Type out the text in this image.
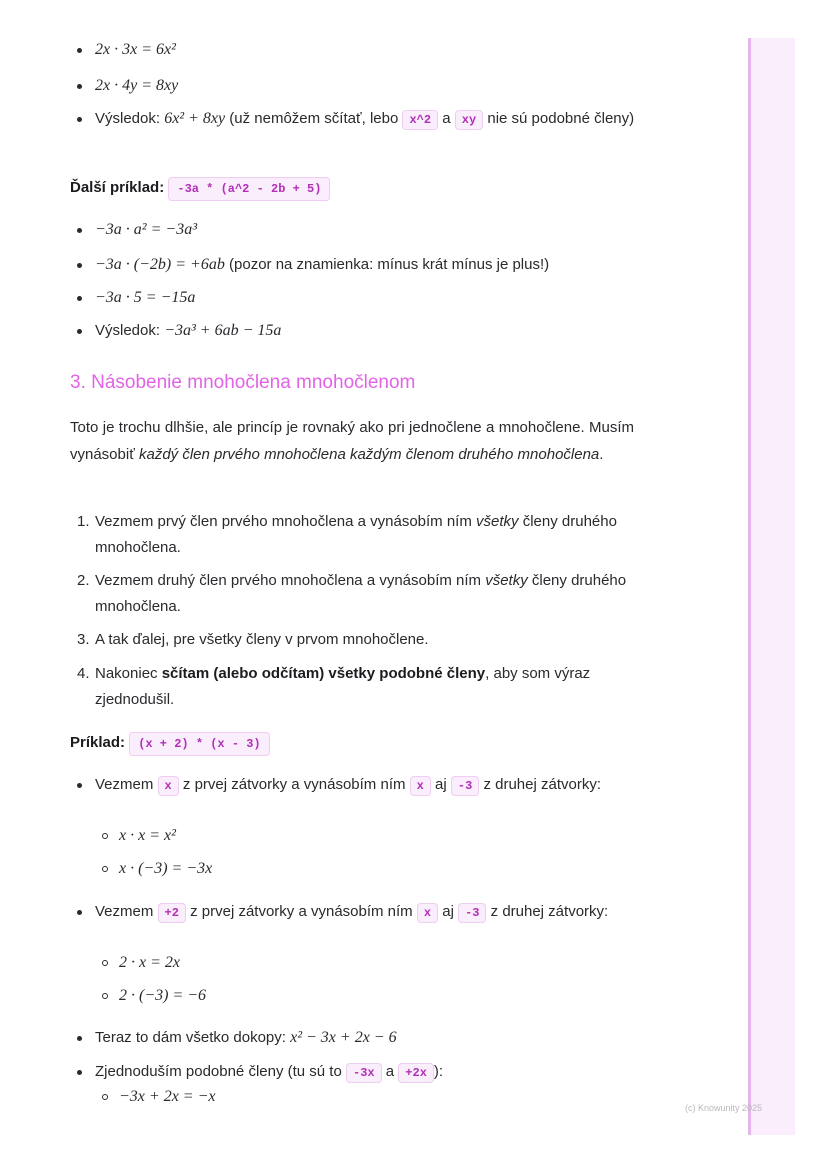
2x · 3x = 6x²
2x · 4y = 8xy
Výsledok: 6x² + 8xy (už nemôžem sčítať, lebo x^2 a xy nie sú podobné členy)
Ďalší príklad: -3a * (a^2 - 2b + 5)
−3a · a² = −3a³
−3a · (−2b) = +6ab (pozor na znamienka: mínus krát mínus je plus!)
−3a · 5 = −15a
Výsledok: −3a³ + 6ab − 15a
3. Násobenie mnohočlena mnohočlenom
Toto je trochu dlhšie, ale princíp je rovnaký ako pri jednočlene a mnohočlene. Musím vynásobiť každý člen prvého mnohočlena každým členom druhého mnohočlena.
1. Vezmem prvý člen prvého mnohočlena a vynásobím ním všetky členy druhého mnohočlena.
2. Vezmem druhý člen prvého mnohočlena a vynásobím ním všetky členy druhého mnohočlena.
3. A tak ďalej, pre všetky členy v prvom mnohočlene.
4. Nakoniec sčítam (alebo odčítam) všetky podobné členy, aby som výraz zjednodušil.
Príklad: (x + 2) * (x - 3)
Vezmem x z prvej zátvorky a vynásobím ním x aj -3 z druhej zátvorky:
x · x = x²
x · (−3) = −3x
Vezmem +2 z prvej zátvorky a vynásobím ním x aj -3 z druhej zátvorky:
2 · x = 2x
2 · (−3) = −6
Teraz to dám všetko dokopy: x² − 3x + 2x − 6
Zjednoduším podobné členy (tu sú to -3x a +2x ):
−3x + 2x = −x
(c) Knowunity 2025
